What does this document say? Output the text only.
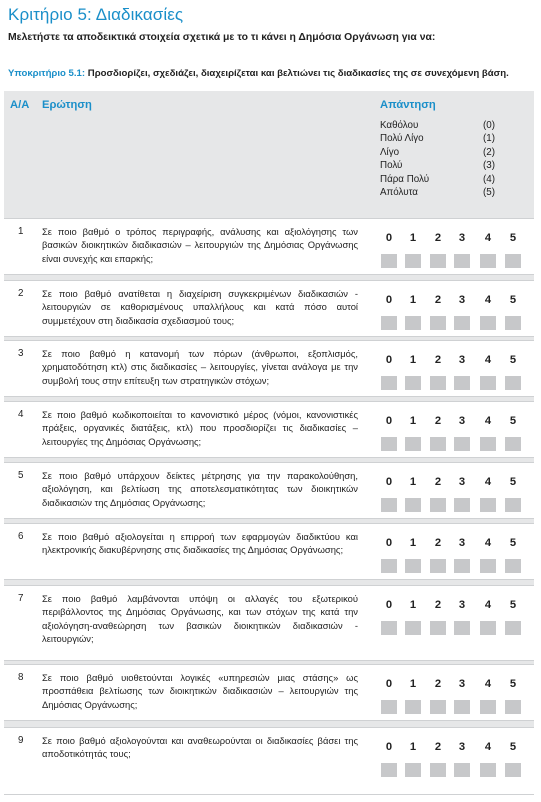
Κριτήριο 5: Διαδικασίες
Μελετήστε τα αποδεικτικά στοιχεία σχετικά με το τι κάνει η Δημόσια Οργάνωση για να:
Υποκριτήριο 5.1: Προσδιορίζει, σχεδιάζει, διαχειρίζεται και βελτιώνει τις διαδικασίες της σε συνεχόμενη βάση.
Α/Α Ερώτηση	Απάντηση
Καθόλου	(0)
Πολύ Λίγο	(1)
Λίγο	(2)
Πολύ	(3)
Πάρα Πολύ	(4)
Απόλυτα	(5)
1 Σε ποιο βαθμό ο τρόπος περιγραφής, ανάλυσης και αξιολόγησης των βασικών διοικητικών διαδικασιών – λειτουργιών της Δημόσιας Οργάνωσης είναι συνεχής και επαρκής;
0	1	2	3	4	5
2 Σε ποιο βαθμό ανατίθεται η διαχείριση συγκεκριμένων διαδικασιών - λειτουργιών σε καθορισμένους υπαλλήλους και κατά πόσο αυτοί συμμετέχουν στη διαδικασία σχεδιασμού τους;
0	1	2	3	4	5
3 Σε ποιο βαθμό η κατανομή των πόρων (άνθρωποι, εξοπλισμός, χρηματοδότηση κτλ) στις διαδικασίες – λειτουργίες, γίνεται ανάλογα με την συμβολή τους στην επίτευξη των στρατηγικών στόχων;
0	1	2	3	4	5
4 Σε ποιο βαθμό κωδικοποιείται το κανονιστικό μέρος (νόμοι, κανονιστικές πράξεις, οργανικές διατάξεις, κτλ) που προσδιορίζει τις διαδικασίες – λειτουργίες της Δημόσιας Οργάνωσης;
0	1	2	3	4	5
5 Σε ποιο βαθμό υπάρχουν δείκτες μέτρησης για την παρακολούθηση, αξιολόγηση, και βελτίωση της αποτελεσματικότητας των διοικητικών διαδικασιών της Δημόσιας Οργάνωσης;
0	1	2	3	4	5
6 Σε ποιο βαθμό αξιολογείται η επιρροή των εφαρμογών διαδικτύου και ηλεκτρονικής διακυβέρνησης στις διαδικασίες της Δημόσιας Οργάνωσης;
0	1	2	3	4	5
7 Σε ποιο βαθμό λαμβάνονται υπόψη οι αλλαγές του εξωτερικού περιβάλλοντος της Δημόσιας Οργάνωσης, και των στόχων της κατά την αξιολόγηση-αναθεώρηση των βασικών διοικητικών διαδικασιών - λειτουργιών;
0	1	2	3	4	5
8 Σε ποιο βαθμό υιοθετούνται λογικές «υπηρεσιών μιας στάσης» ως προσπάθεια βελτίωσης των διοικητικών διαδικασιών – λειτουργιών της Δημόσιας Οργάνωσης;
0	1	2	3	4	5
9 Σε ποιο βαθμό αξιολογούνται και αναθεωρούνται οι διαδικασίες βάσει της αποδοτικότητάς τους;
0	1	2	3	4	5
